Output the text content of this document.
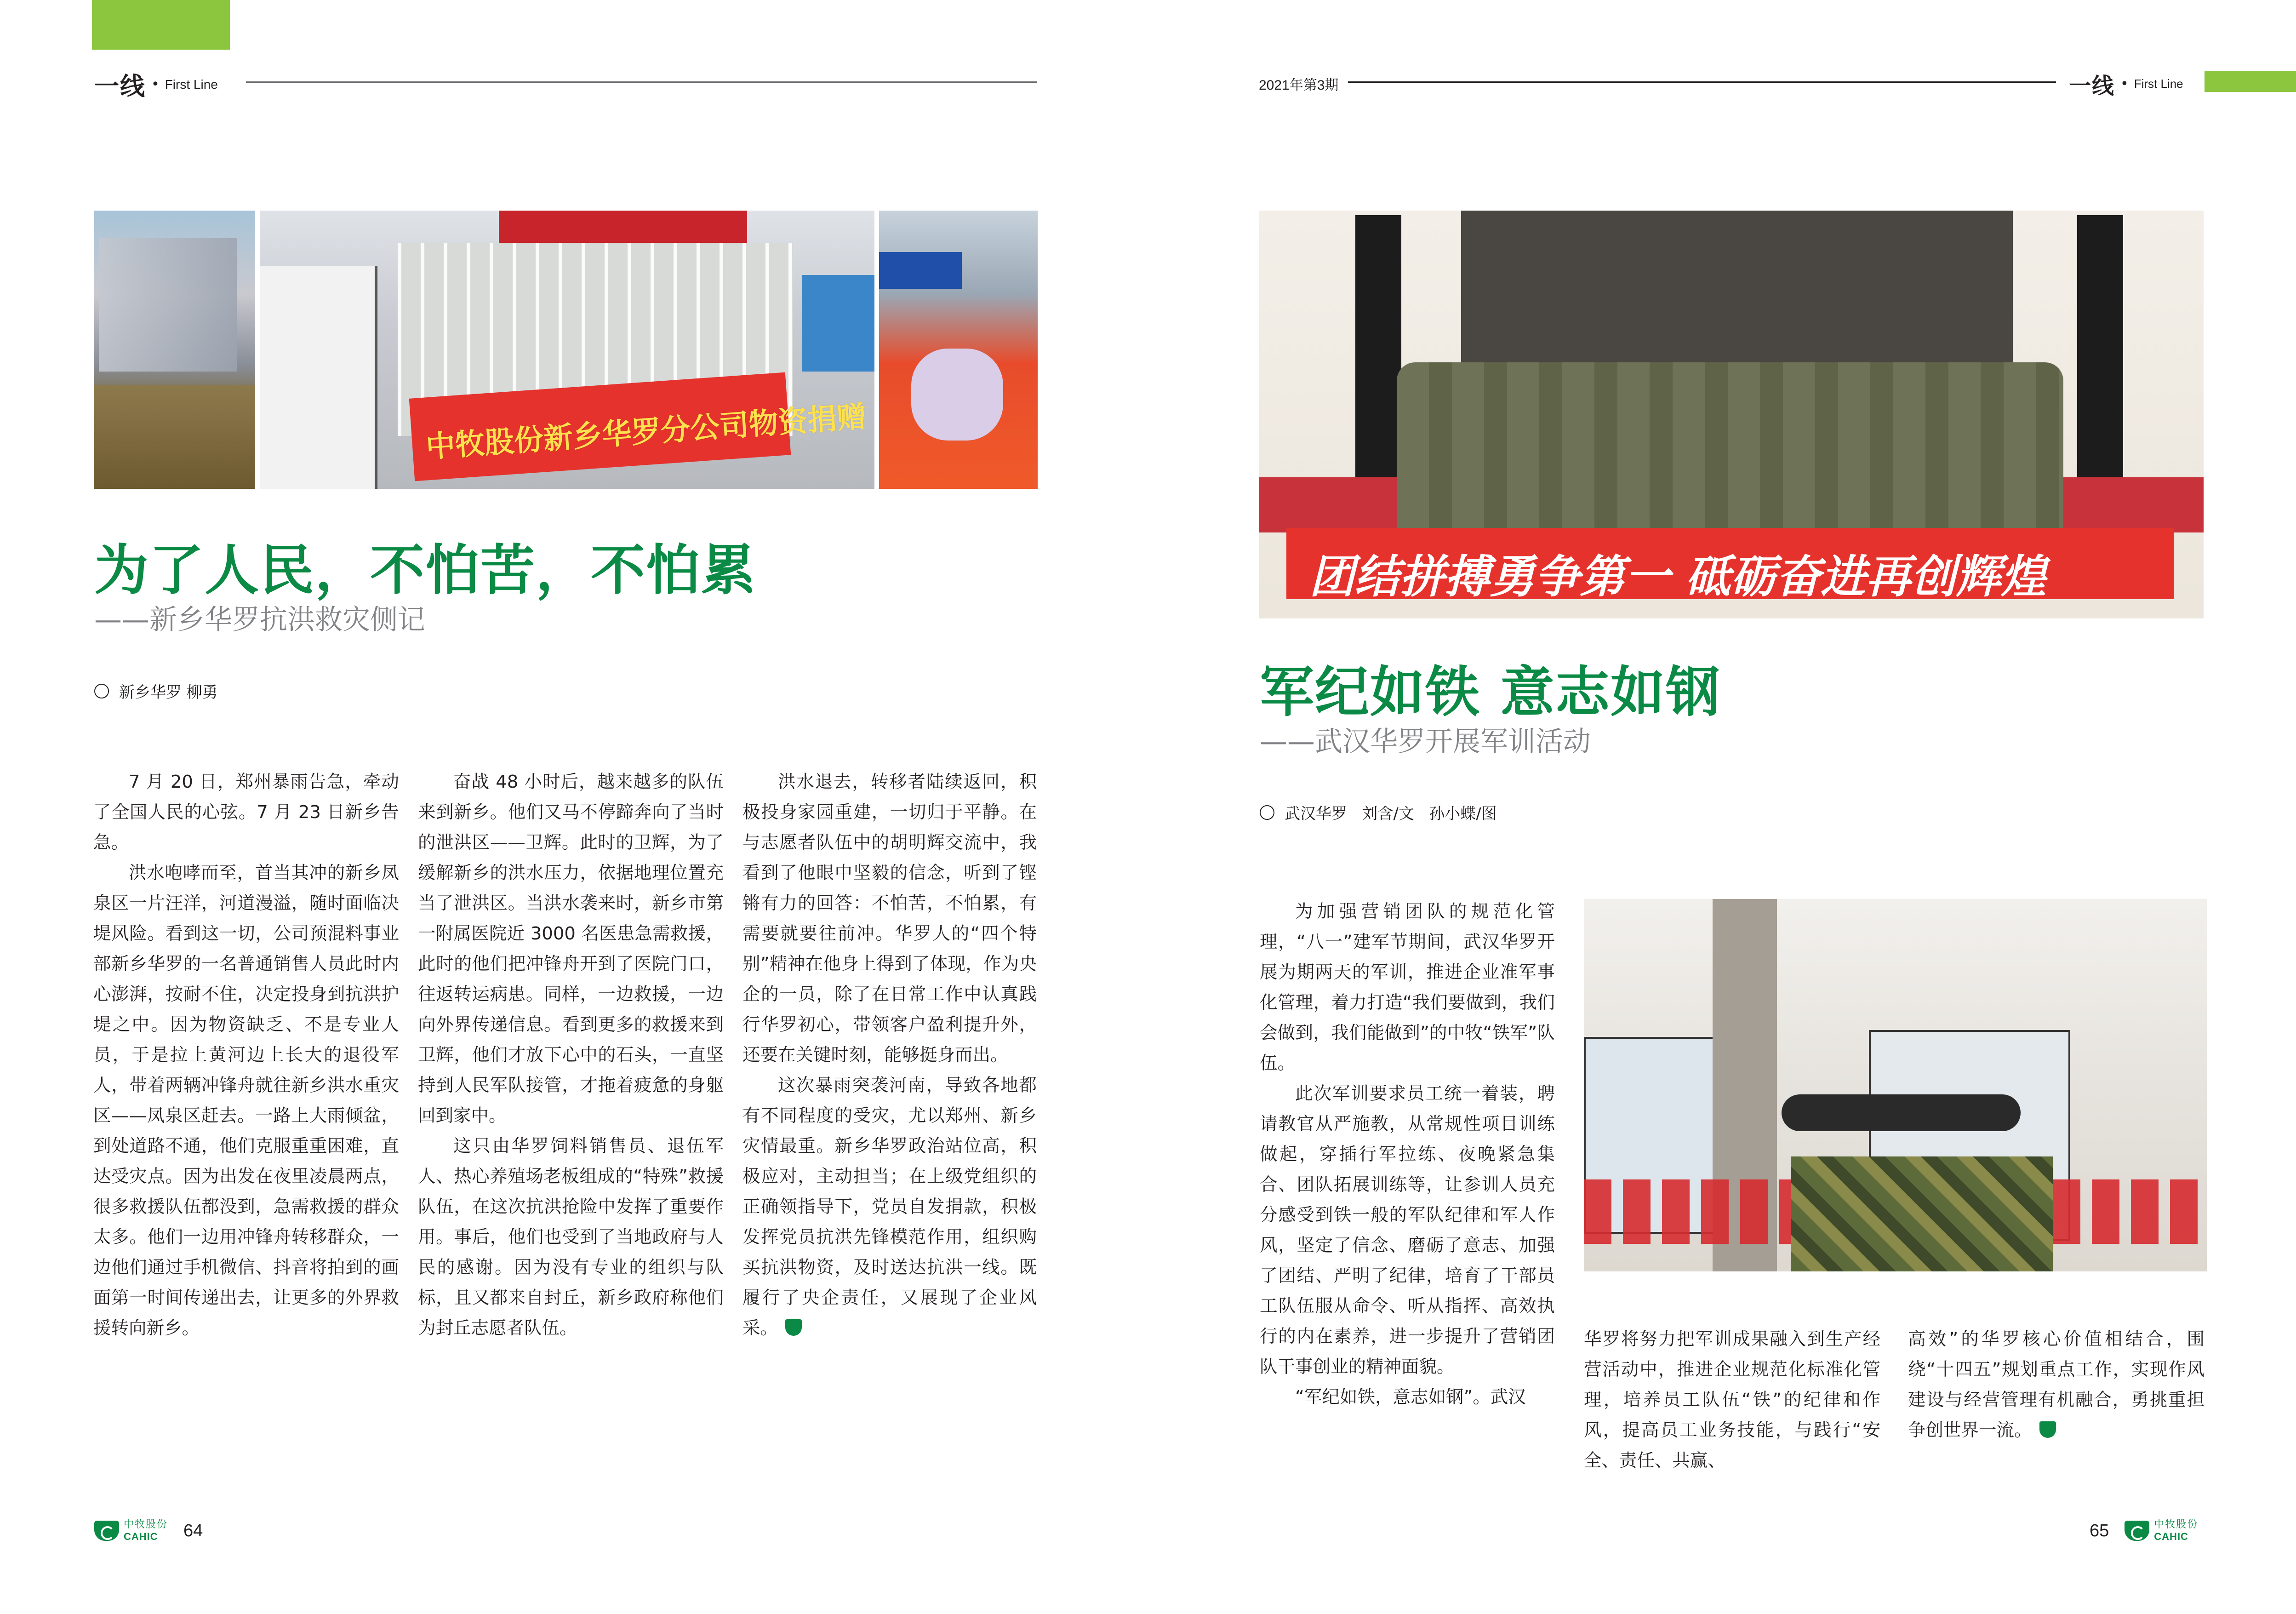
一线 • First Line
中牧股份新乡华罗分公司物资捐赠
为了人民，不怕苦，不怕累
——新乡华罗抗洪救灾侧记
新乡华罗 柳勇

7 月 20 日，郑州暴雨告急，牵动了全国人民的心弦。7 月 23 日新乡告急。

洪水咆哮而至，首当其冲的新乡凤泉区一片汪洋，河道漫溢，随时面临决堤风险。看到这一切，公司预混料事业部新乡华罗的一名普通销售人员此时内心澎湃，按耐不住，决定投身到抗洪护堤之中。因为物资缺乏、不是专业人员，于是拉上黄河边上长大的退役军人，带着两辆冲锋舟就往新乡洪水重灾区——凤泉区赶去。一路上大雨倾盆，到处道路不通，他们克服重重困难，直达受灾点。因为出发在夜里凌晨两点，很多救援队伍都没到，急需救援的群众太多。他们一边用冲锋舟转移群众，一边他们通过手机微信、抖音将拍到的画面第一时间传递出去，让更多的外界救援转向新乡。

奋战 48 小时后，越来越多的队伍来到新乡。他们又马不停蹄奔向了当时的泄洪区——卫辉。此时的卫辉，为了缓解新乡的洪水压力，依据地理位置充当了泄洪区。当洪水袭来时，新乡市第一附属医院近 3000 名医患急需救援，此时的他们把冲锋舟开到了医院门口，往返转运病患。同样，一边救援，一边向外界传递信息。看到更多的救援来到卫辉，他们才放下心中的石头，一直坚持到人民军队接管，才拖着疲惫的身躯回到家中。

这只由华罗饲料销售员、退伍军人、热心养殖场老板组成的“特殊”救援队伍，在这次抗洪抢险中发挥了重要作用。事后，他们也受到了当地政府与人民的感谢。因为没有专业的组织与队标，且又都来自封丘，新乡政府称他们为封丘志愿者队伍。

洪水退去，转移者陆续返回，积极投身家园重建，一切归于平静。在与志愿者队伍中的胡明辉交流中，我看到了他眼中坚毅的信念，听到了铿锵有力的回答：不怕苦，不怕累，有需要就要往前冲。华罗人的“四个特别”精神在他身上得到了体现，作为央企的一员，除了在日常工作中认真践行华罗初心，带领客户盈利提升外，还要在关键时刻，能够挺身而出。

这次暴雨突袭河南，导致各地都有不同程度的受灾，尤以郑州、新乡灾情最重。新乡华罗政治站位高，积极应对，主动担当；在上级党组织的正确领指导下，党员自发捐款，积极发挥党员抗洪先锋模范作用，组织购买抗洪物资，及时送达抗洪一线。既履行了央企责任，又展现了企业风采。

中牧股份
CAHIC	64
2021年第3期	一线 • First Line
团结拼搏勇争第一 砥砺奋进再创辉煌
军纪如铁 意志如钢
——武汉华罗开展军训活动
武汉华罗   刘含/文   孙小蝶/图

为加强营销团队的规范化管理，“八一”建军节期间，武汉华罗开展为期两天的军训，推进企业准军事化管理，着力打造“我们要做到，我们会做到，我们能做到”的中牧“铁军”队伍。

此次军训要求员工统一着装，聘请教官从严施教，从常规性项目训练做起，穿插行军拉练、夜晚紧急集合、团队拓展训练等，让参训人员充分感受到铁一般的军队纪律和军人作风，坚定了信念、磨砺了意志、加强了团结、严明了纪律，培育了干部员工队伍服从命令、听从指挥、高效执行的内在素养，进一步提升了营销团队干事创业的精神面貌。

“军纪如铁，意志如钢”。武汉

华罗将努力把军训成果融入到生产经营活动中，推进企业规范化标准化管理，培养员工队伍“铁”的纪律和作风，提高员工业务技能，与践行“安全、责任、共赢、

高效”的华罗核心价值相结合，围绕“十四五”规划重点工作，实现作风建设与经营管理有机融合，勇挑重担争创世界一流。

65	中牧股份
CAHIC
